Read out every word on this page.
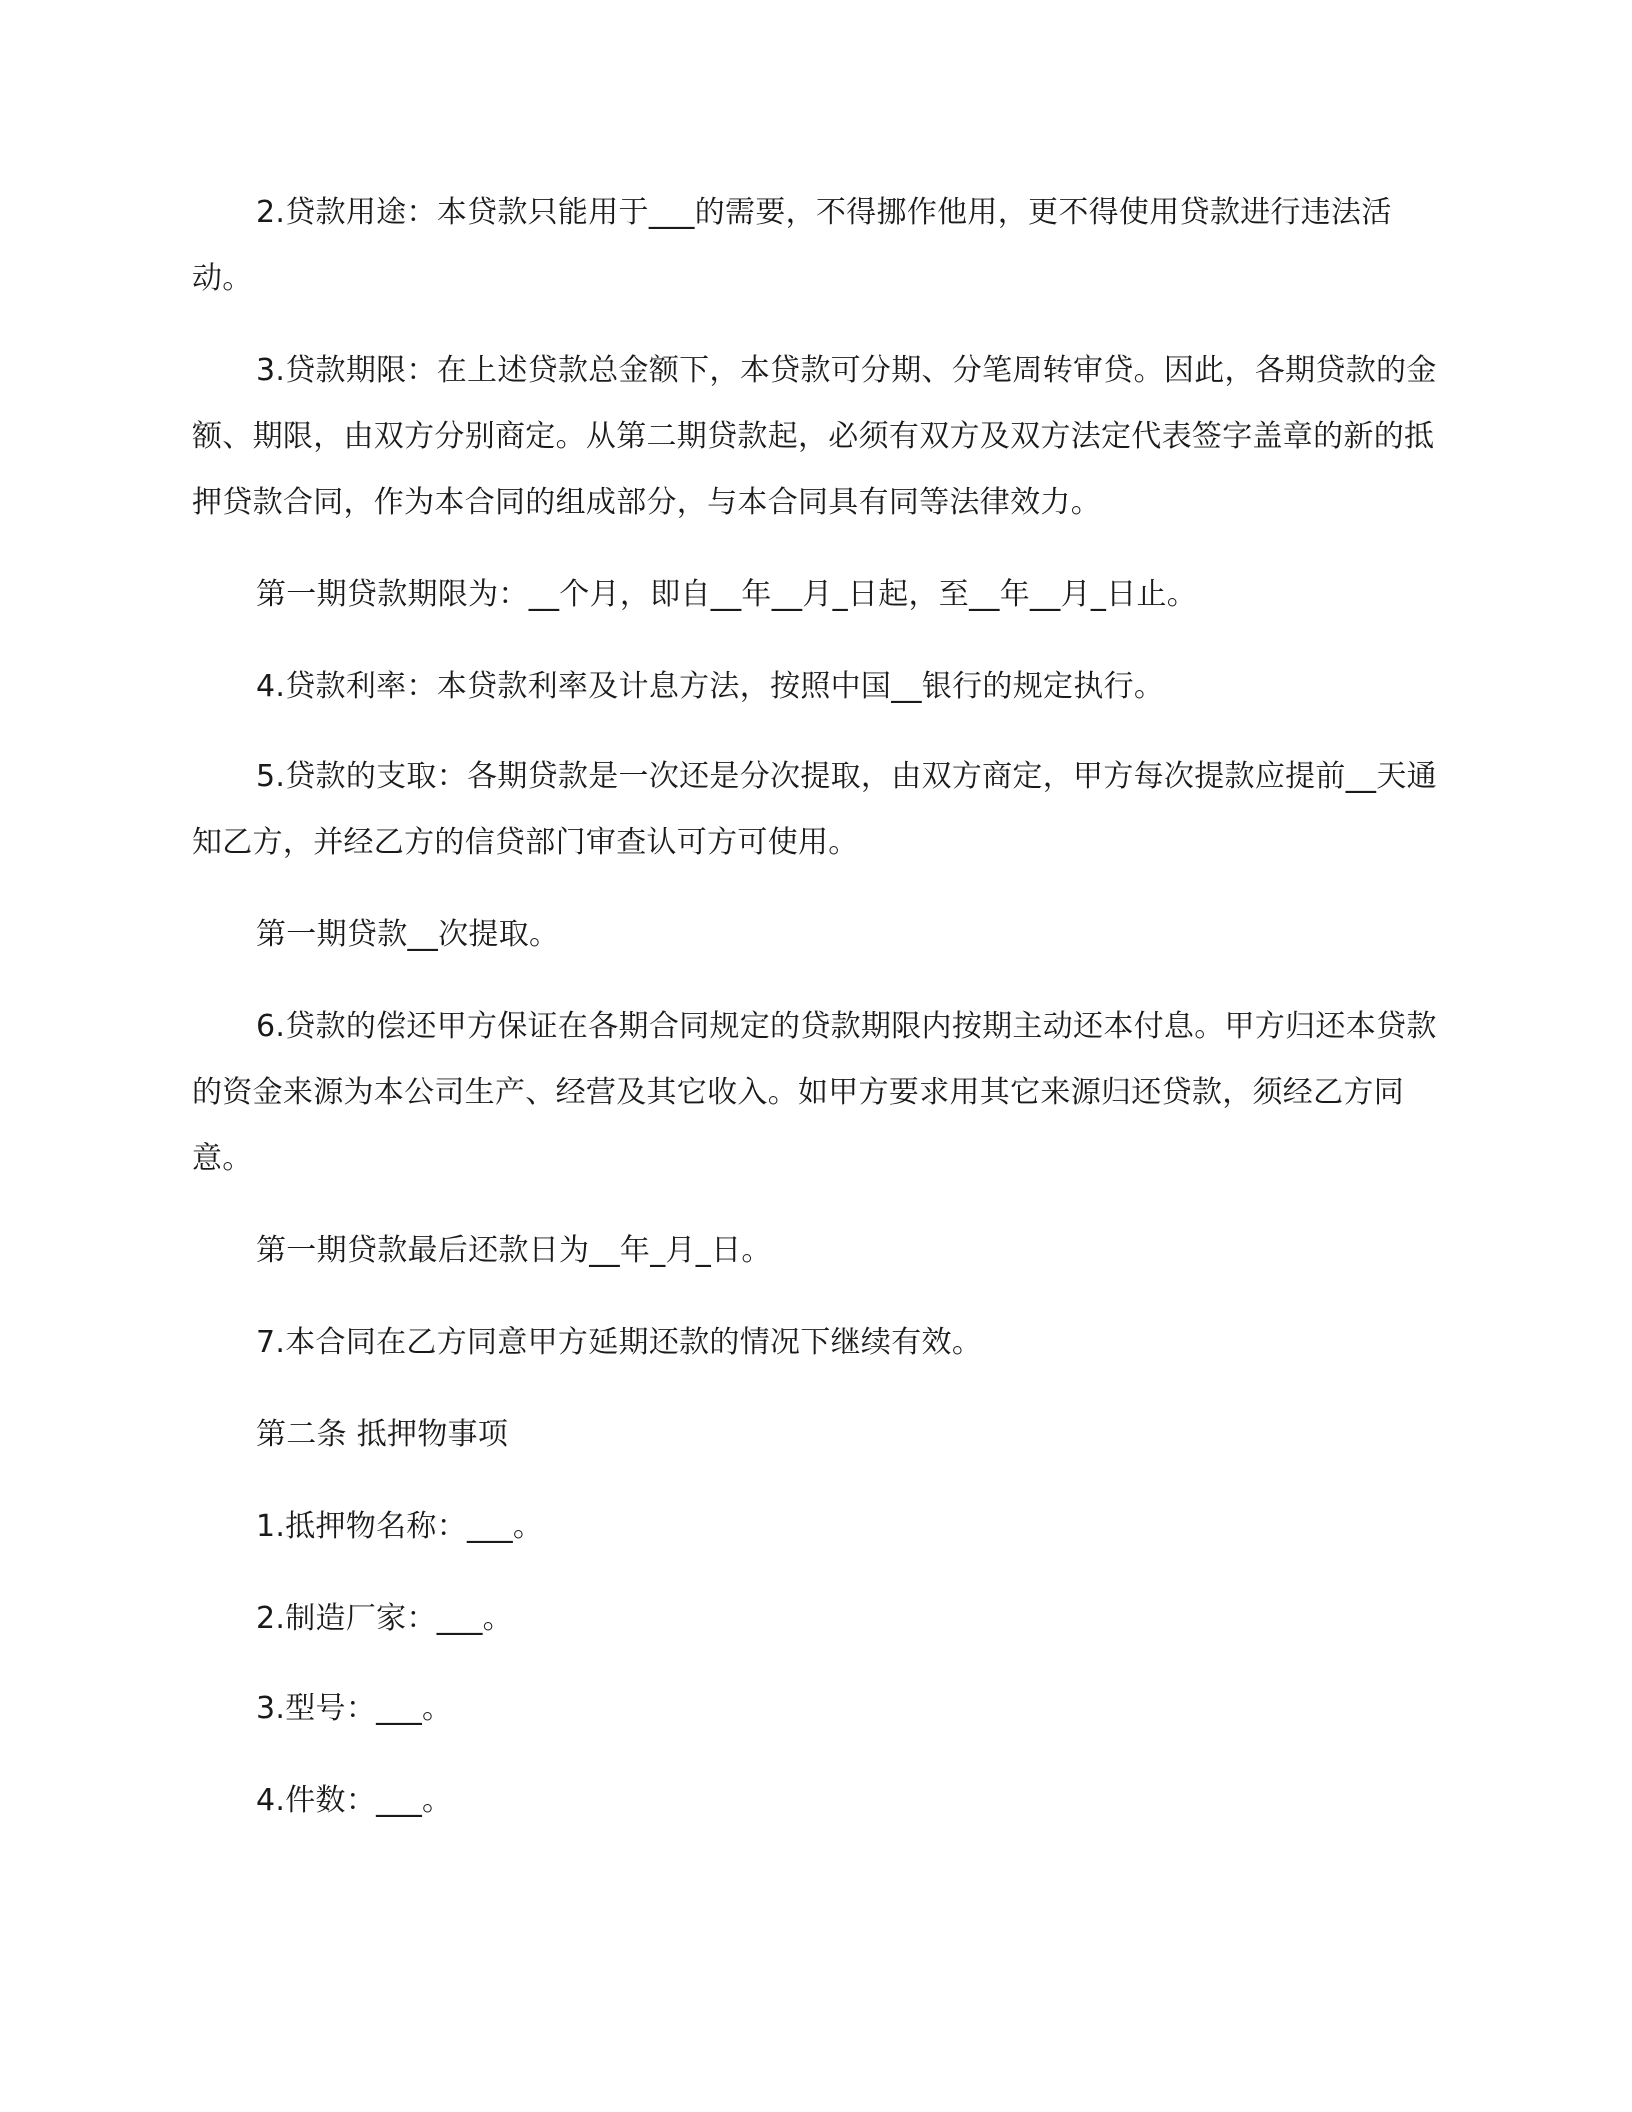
2.贷款用途：本贷款只能用于___的需要，不得挪作他用，更不得使用贷款进行违法活动。

3.贷款期限：在上述贷款总金额下，本贷款可分期、分笔周转审贷。因此，各期贷款的金额、期限，由双方分别商定。从第二期贷款起，必须有双方及双方法定代表签字盖章的新的抵押贷款合同，作为本合同的组成部分，与本合同具有同等法律效力。

第一期贷款期限为：__个月，即自__年__月_日起，至__年__月_日止。

4.贷款利率：本贷款利率及计息方法，按照中国__银行的规定执行。

5.贷款的支取：各期贷款是一次还是分次提取，由双方商定，甲方每次提款应提前__天通知乙方，并经乙方的信贷部门审查认可方可使用。

第一期贷款__次提取。

6.贷款的偿还甲方保证在各期合同规定的贷款期限内按期主动还本付息。甲方归还本贷款的资金来源为本公司生产、经营及其它收入。如甲方要求用其它来源归还贷款，须经乙方同意。

第一期贷款最后还款日为__年_月_日。

7.本合同在乙方同意甲方延期还款的情况下继续有效。

第二条 抵押物事项

1.抵押物名称：___。

2.制造厂家：___。

3.型号：___。

4.件数：___。
